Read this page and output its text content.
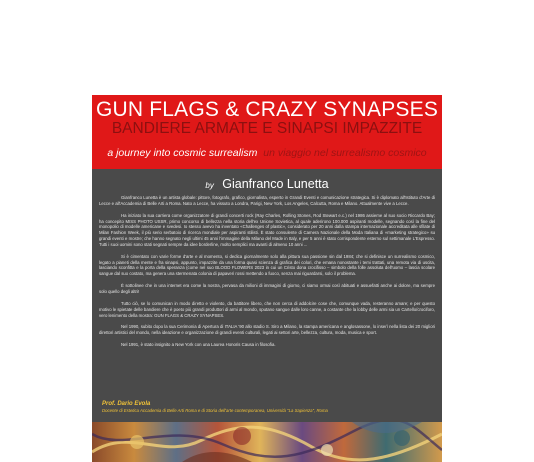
GUN FLAGS & CRAZY SYNAPSES
BANDIERE ARMATE E SINAPSI IMPAZZITE
a journey into cosmic surrealism un viaggio nel surrealismo cosmico
by Gianfranco Lunetta

Gianfranco Lunetta è un artista globale: pittore, fotografo, grafico, giornalista, esperto in Grandi Eventi e comunicazione strategica. Si è diplomato all'Istituto d'Arte di Lecce e all'Accademia di Belle Arti a Roma. Nato a Lecce, ha vissuto a Londra, Parigi, New York, Los Angeles, Calcutta, Roma e Milano. Attualmente vive a Lecce.

Ha iniziato la sua carriera come organizzatore di grandi concerti rock (Ray Charles, Rolling Stones, Rod Stewart e.c.) nel 1986 assieme al suo socio Riccardo Bay; ha concepito MISS PHOTO USSR, primo concorso di bellezza nella storia dell'ex Unione Sovietica, al quale aderirono 100.000 aspiranti modelle, segnando così la fine del monopolio di modelle americane e svedesi. Io stesso avevo ha inventato «Challenges of plastic», considerato per 20 anni dalla stampa internazionale accreditata alle sfilate di Milan Fashion Week, il più serio serbatoio di ricerca mondiale per aspiranti stilisti. È stato consulente di Camera Nazionale della Moda Italiana di «marketing strategico» su grandi eventi e mostre; che hanno segnato negli ultimi 45 anni l'immagine della Milano del Made in Italy, e per 5 anni è stato corrispondente esterno sul settimanale L'Espresso. Tutti i suoi uomini sono stati segnati sempre da idee borderline, molto semplici ma avanti di almeno 10 anni ...

Si è cimentato con varie forme d'arte e al momento, si dedica giornalmente solo alla pittura sua passione sin dal 1984; che si definisce un surrealismo cosmico, legato a pianeti della mente e fra sinapsi, appunto, impazzite da una forma quasi scienza di grafica dei colori, che emana nonostante i temi trattati, una remota via di uscita, lasciando sconfitta e la porta della speranza (come nel suo BLOOD FLOWERS 2023 in cui un Cristo dona crocifisso – simbolo della folle assoluta dell'uomo – lascia scolare sangue dal suo costato, ma genera una stermenata colonia di papaveri rossi mettendo a fuoco, senza mai riguardarsi, solo il problema.

È sottolinee che in una internet era come la nostra, pervasa da milioni di immagini di giorno, ci siamo ormai così abituati e assuefatti anche ai dolore, ma sempre solo quello degli altri!

Tutto ciò, se lo comunican in modo diretto e violento, da battitore libero, che non cerca di addolcire cose che, comunque vada, resteranno amare; e per questo motivo le spietate delle bandiere che è poeto più grandi produttori di armi al mondo, sputano sangue dalle loro canne, a costante che la lobby delle armi sia un Cartello/crociforo, vero lenimento della mostra: GUN FLAGS & CRAZY SYNAPSES.

Nel 1990, subito dopo la sua Cerimonia di Apertura di ITALIA '90 allo stadio S. Siro a Milano, la stampa americana e anglosassone, lo inserì nella lista dei 20 migliori direttori artistici del mondo, nella ideazione e organizzazione di grandi eventi culturali, legati ai settori arte, bellezza, cultura, moda, musica e sport.

Nel 1991, è stato insignito a New York con una Laurea Honoris Causa in filosofia.

Prof. Dario Evola
Docente di Estetica Accademia di Belle Arti Roma e di Storia dell'arte contemporanea, Università "La Sapienza", Roma
